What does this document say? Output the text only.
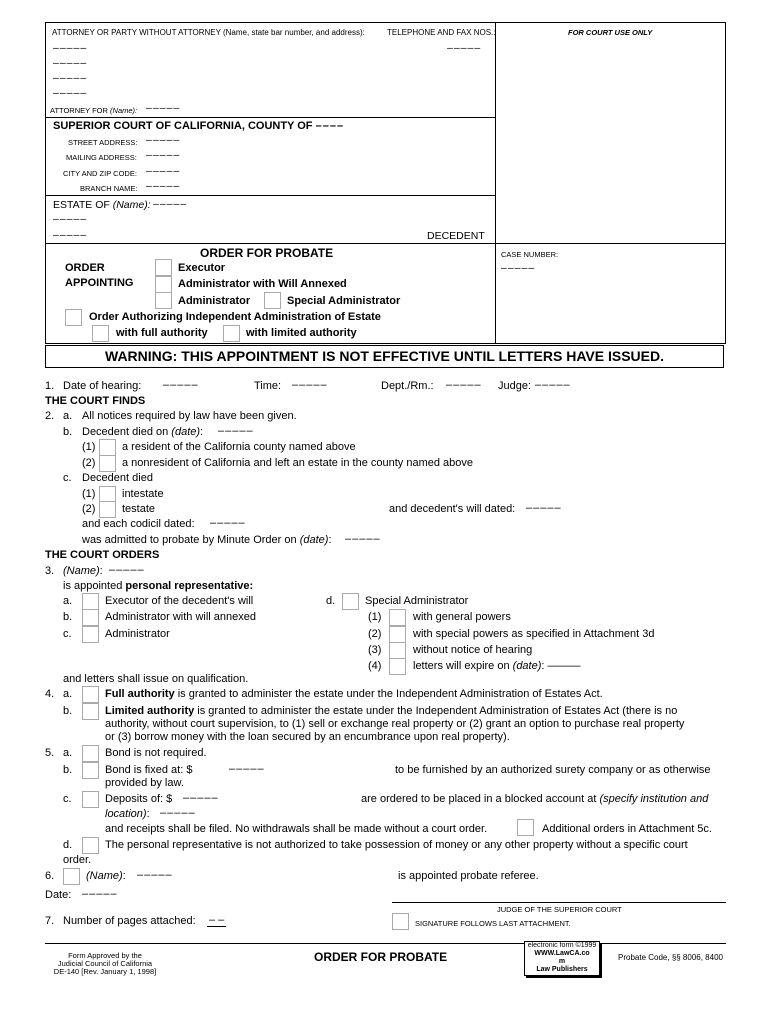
ATTORNEY OR PARTY WITHOUT ATTORNEY (Name, state bar number, and address):	TELEPHONE AND FAX NOS.:	FOR COURT USE ONLY
–––––	–––––
–––––
–––––
–––––
ATTORNEY FOR (Name): –––––
SUPERIOR COURT OF CALIFORNIA, COUNTY OF ––––
STREET ADDRESS: –––––
MAILING ADDRESS: –––––
CITY AND ZIP CODE: –––––
BRANCH NAME: –––––
ESTATE OF (Name): –––––
–––––
–––––	DECEDENT
CASE NUMBER:
–––––
ORDER FOR PROBATE
ORDER
APPOINTING
Executor
Administrator with Will Annexed
Administrator	Special Administrator
Order Authorizing Independent Administration of Estate
with full authority	with limited authority
WARNING: THIS APPOINTMENT IS NOT EFFECTIVE UNTIL LETTERS HAVE ISSUED.
1. Date of hearing: –––––	Time: –––––	Dept./Rm.: ––––– Judge: –––––
THE COURT FINDS
2. a. All notices required by law have been given.
b. Decedent died on (date): –––––
(1) a resident of the California county named above
(2) a nonresident of California and left an estate in the county named above
c. Decedent died
(1) intestate
(2) testate	and decedent's will dated: –––––
and each codicil dated: –––––
was admitted to probate by Minute Order on (date): –––––
THE COURT ORDERS
3. (Name): –––––
is appointed personal representative:
a.	Executor of the decedent's will
b.	Administrator with will annexed
c.	Administrator
d.	Special Administrator
(1)	with general powers
(2)	with special powers as specified in Attachment 3d
(3)	without notice of hearing
(4)	letters will expire on (date): ———
and letters shall issue on qualification.
4. a.	Full authority is granted to administer the estate under the Independent Administration of Estates Act.
b.	Limited authority is granted to administer the estate under the Independent Administration of Estates Act (there is no
authority, without court supervision, to (1) sell or exchange real property or (2) grant an option to purchase real property
or (3) borrow money with the loan secured by an encumbrance upon real property).
5. a.	Bond is not required.
b.	Bond is fixed at: $	–––––	to be furnished by an authorized surety company or as otherwise
provided by law.
c.	Deposits of: $ –––––	are ordered to be placed in a blocked account at (specify institution and
location): –––––
and receipts shall be filed. No withdrawals shall be made without a court order.	Additional orders in Attachment 5c.
d.	The personal representative is not authorized to take possession of money or any other property without a specific court
order.
6.	(Name): –––––	is appointed probate referee.
Date: –––––
JUDGE OF THE SUPERIOR COURT
7. Number of pages attached: – –	SIGNATURE FOLLOWS LAST ATTACHMENT.
Form Approved by the
Judicial Council of California
DE-140 [Rev. January 1, 1998]
ORDER FOR PROBATE
electronic form ©1999
WWW.LawCA.co
m
Law Publishers
Probate Code, §§ 8006, 8400
